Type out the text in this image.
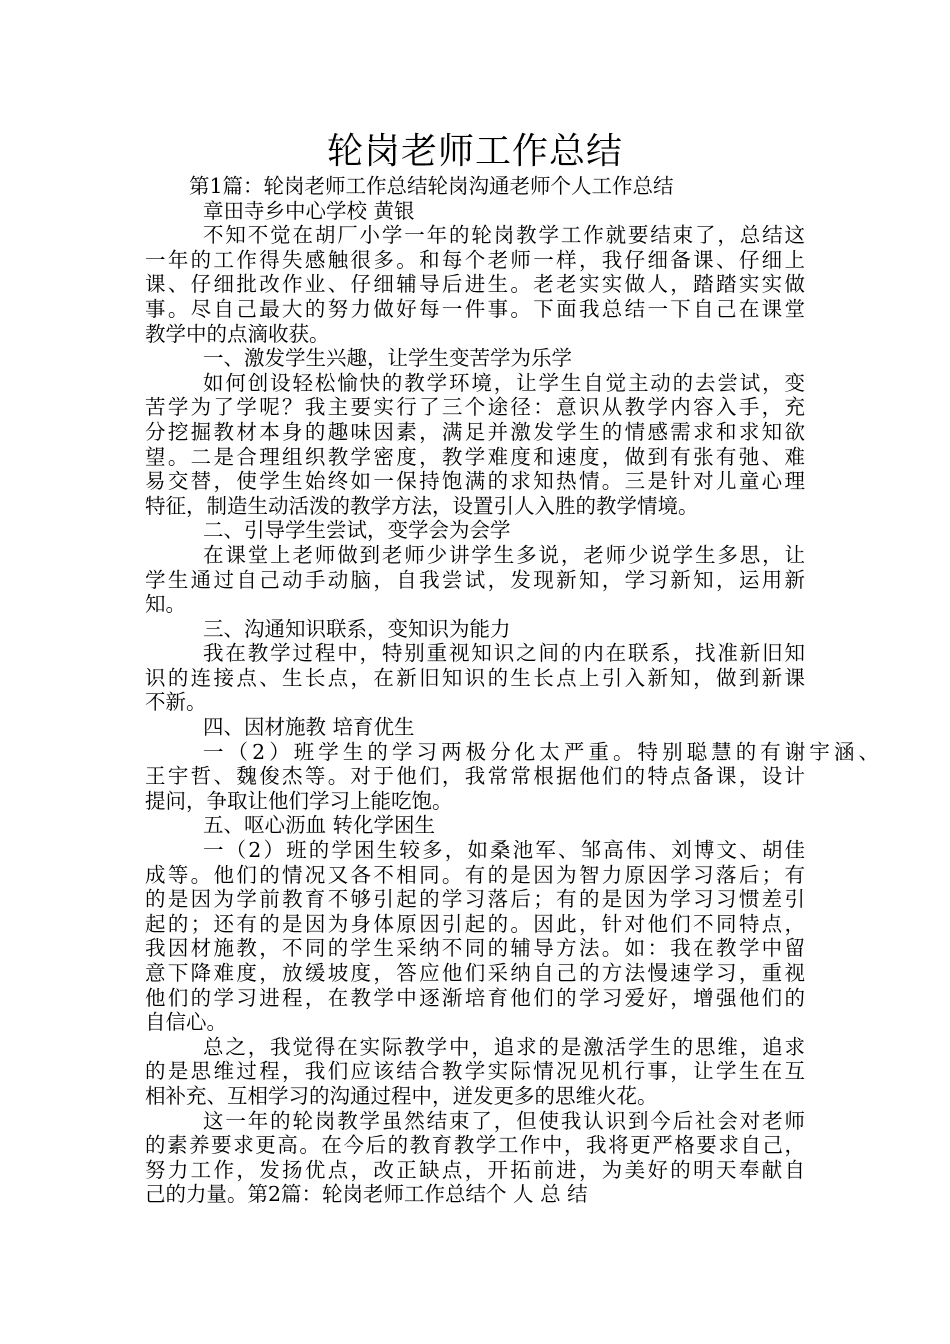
轮岗老师工作总结
第1篇：轮岗老师工作总结轮岗沟通老师个人工作总结
章田寺乡中心学校 黄银
不知不觉在胡厂小学一年的轮岗教学工作就要结束了，总结这
一年的工作得失感触很多。和每个老师一样，我仔细备课、仔细上
课、仔细批改作业、仔细辅导后进生。老老实实做人，踏踏实实做
事。尽自己最大的努力做好每一件事。下面我总结一下自己在课堂
教学中的点滴收获。
一、激发学生兴趣，让学生变苦学为乐学
如何创设轻松愉快的教学环境，让学生自觉主动的去尝试，变
苦学为了学呢？我主要实行了三个途径：意识从教学内容入手，充
分挖掘教材本身的趣味因素，满足并激发学生的情感需求和求知欲
望。二是合理组织教学密度，教学难度和速度，做到有张有弛、难
易交替，使学生始终如一保持饱满的求知热情。三是针对儿童心理
特征，制造生动活泼的教学方法，设置引人入胜的教学情境。
二、引导学生尝试，变学会为会学
在课堂上老师做到老师少讲学生多说，老师少说学生多思，让
学生通过自己动手动脑，自我尝试，发现新知，学习新知，运用新
知。
三、沟通知识联系，变知识为能力
我在教学过程中，特别重视知识之间的内在联系，找准新旧知
识的连接点、生长点，在新旧知识的生长点上引入新知，做到新课
不新。
四、因材施教 培育优生
一（2）班学生的学习两极分化太严重。特别聪慧的有谢宇涵、
王宇哲、魏俊杰等。对于他们，我常常根据他们的特点备课，设计
提问，争取让他们学习上能吃饱。
五、呕心沥血 转化学困生
一（2）班的学困生较多，如桑池军、邹高伟、刘博文、胡佳
成等。他们的情况又各不相同。有的是因为智力原因学习落后；有
的是因为学前教育不够引起的学习落后；有的是因为学习习惯差引
起的；还有的是因为身体原因引起的。因此，针对他们不同特点，
我因材施教，不同的学生采纳不同的辅导方法。如：我在教学中留
意下降难度，放缓坡度，答应他们采纳自己的方法慢速学习，重视
他们的学习进程，在教学中逐渐培育他们的学习爱好，增强他们的
自信心。
总之，我觉得在实际教学中，追求的是激活学生的思维，追求
的是思维过程，我们应该结合教学实际情况见机行事，让学生在互
相补充、互相学习的沟通过程中，迸发更多的思维火花。
这一年的轮岗教学虽然结束了，但使我认识到今后社会对老师
的素养要求更高。在今后的教育教学工作中，我将更严格要求自己，
努力工作，发扬优点，改正缺点，开拓前进，为美好的明天奉献自
己的力量。第2篇：轮岗老师工作总结个 人 总 结
